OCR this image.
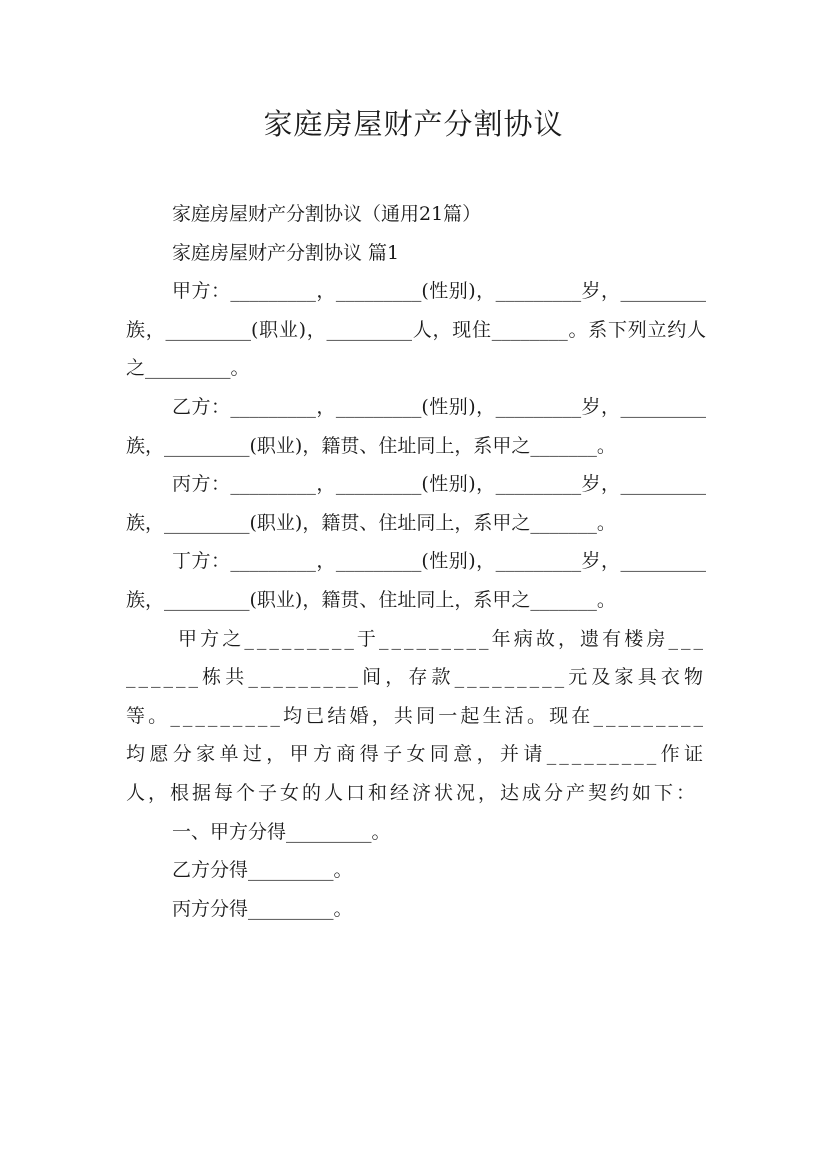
家庭房屋财产分割协议

家庭房屋财产分割协议（通用21篇）

家庭房屋财产分割协议 篇1

甲方：_________，_________(性别)，_________岁，_________族，_________(职业)，_________人，现住________。系下列立约人之_________。

乙方：_________，_________(性别)，_________岁，_________族，_________(职业)，籍贯、住址同上，系甲之_______。

丙方：_________，_________(性别)，_________岁，_________族，_________(职业)，籍贯、住址同上，系甲之_______。

丁方：_________，_________(性别)，_________岁，_________族，_________(职业)，籍贯、住址同上，系甲之_______。

甲方之_________于_________年病故，遗有楼房_________栋共_________间，存款_________元及家具衣物等。_________均已结婚，共同一起生活。现在_________均愿分家单过，甲方商得子女同意，并请_________作证人，根据每个子女的人口和经济状况，达成分产契约如下：

一、甲方分得_________。

乙方分得_________。

丙方分得_________。
